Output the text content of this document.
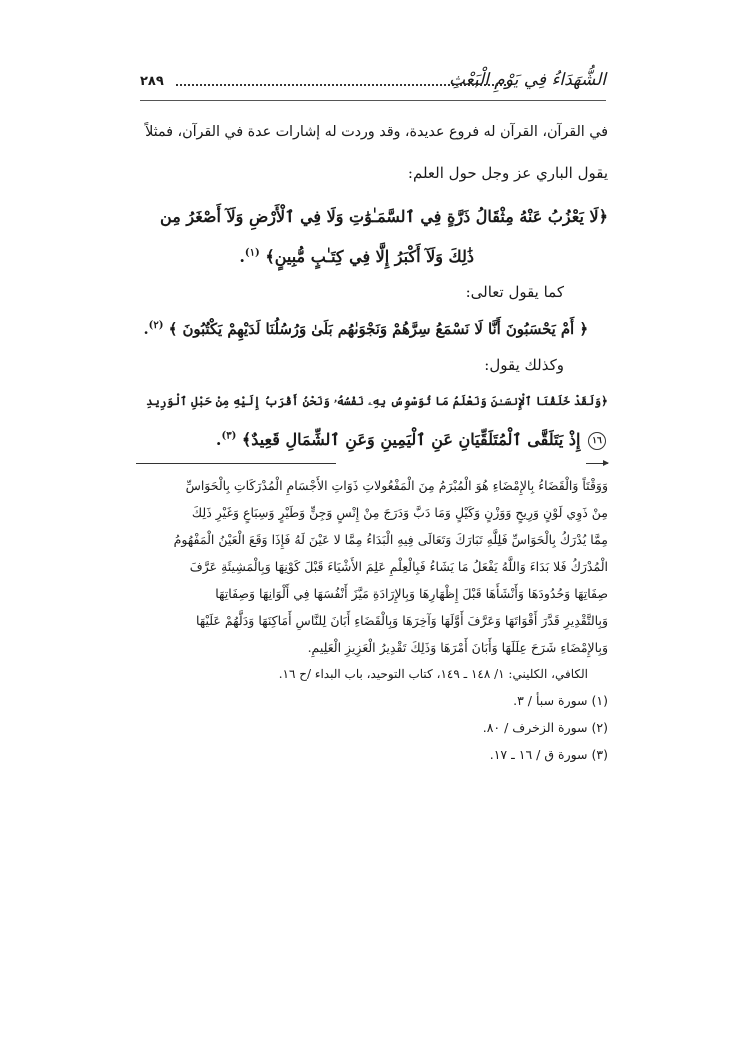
الشُّهَدَاءُ فِي يَوْمِ الْبَعْثِ
٢٨٩
في القرآن، القرآن له فروع عديدة، وقد وردت له إشارات عدة في القرآن، فمثلاً
يقول الباري عز وجل حول العلم:
﴿لَا يَعْزُبُ عَنْهُ مِثْقَالُ ذَرَّةٍ فِي ٱلسَّمَـٰوَٰتِ وَلَا فِي ٱلْأَرْضِ وَلَآ أَصْغَرُ مِن
ذَٰلِكَ وَلَآ أَكْبَرُ إِلَّا فِي كِتَـٰبٍ مُّبِينٍ﴾ $^{(١)}$.
كما يقول تعالى:
﴿ أَمْ يَحْسَبُونَ أَنَّا لَا نَسْمَعُ سِرَّهُمْ وَنَجْوَىٰهُم بَلَىٰ وَرُسُلُنَا لَدَيْهِمْ يَكْتُبُونَ ﴾ $^{(٢)}$.
وكذلك يقول:
﴿وَلَقَدْ خَلَقْنَا ٱلْإِنسَـٰنَ وَنَعْلَمُ مَا تُوَسْوِسُ بِهِۦ نَفْسُهُۥ وَنَحْنُ أَقْرَبُ إِلَيْهِ مِنْ حَبْلِ ٱلْوَرِيدِ
١٦ إِذْ يَتَلَقَّى ٱلْمُتَلَقِّيَانِ عَنِ ٱلْيَمِينِ وَعَنِ ٱلشِّمَالِ قَعِيدٌ﴾ $^{(٣)}$.
وَوَقْتَاً وَالْقَضَاءُ بِالإِمْضَاءِ هُوَ الْمُبْرَمُ مِنَ الْمَفْعُولاتِ ذَوَاتِ الأَجْسَامِ الْمُدْرَكَاتِ بِالْحَوَاسِّ
مِنْ ذَوِي لَوْنٍ وَرِيحٍ وَوَزْنٍ وَكَيْلٍ وَمَا دَبَّ وَدَرَجَ مِنْ إِنْسٍ وَجِنٍّ وَطَيْرٍ وَسِبَاعٍ وَغَيْرِ ذَلِكَ
مِمَّا يُدْرَكُ بِالْحَوَاسِّ فَلِلَّهِ تَبَارَكَ وَتَعَالَى فِيهِ الْبَدَاءُ مِمَّا لا عَيْنَ لَهُ فَإِذَا وَقَعَ الْعَيْنُ الْمَفْهُومُ
الْمُدْرَكُ فَلا بَدَاءَ وَاللَّهُ يَفْعَلُ مَا يَشَاءُ فَبِالْعِلْمِ عَلِمَ الأَشْيَاءَ قَبْلَ كَوْنِهَا وَبِالْمَشِيئَةِ عَرَّفَ
صِفَاتِهَا وَحُدُودَهَا وَأَنْشَأَهَا قَبْلَ إِظْهَارِهَا وَبِالإِرَادَةِ مَيَّزَ أَنْفُسَهَا فِي أَلْوَانِهَا وَصِفَاتِهَا
وَبِالتَّقْدِيرِ قَدَّرَ أَقْوَاتَهَا وَعَرَّفَ أَوَّلَهَا وَآخِرَهَا وَبِالْقَضَاءِ أَبَانَ لِلنَّاسِ أَمَاكِنَهَا وَدَلَّهُمْ عَلَيْهَا
وَبِالإِمْضَاءِ شَرَحَ عِلَلَهَا وَأَبَانَ أَمْرَهَا وَذَلِكَ تَقْدِيرُ الْعَزِيزِ الْعَلِيمِ.
الكافي، الكليني: ١/ ١٤٨ ـ ١٤٩، كتاب التوحيد، باب البداء /ح ١٦.
(١) سورة سبأ / ٣.
(٢) سورة الزخرف / ٨٠.
(٣) سورة ق / ١٦ ـ ١٧.
